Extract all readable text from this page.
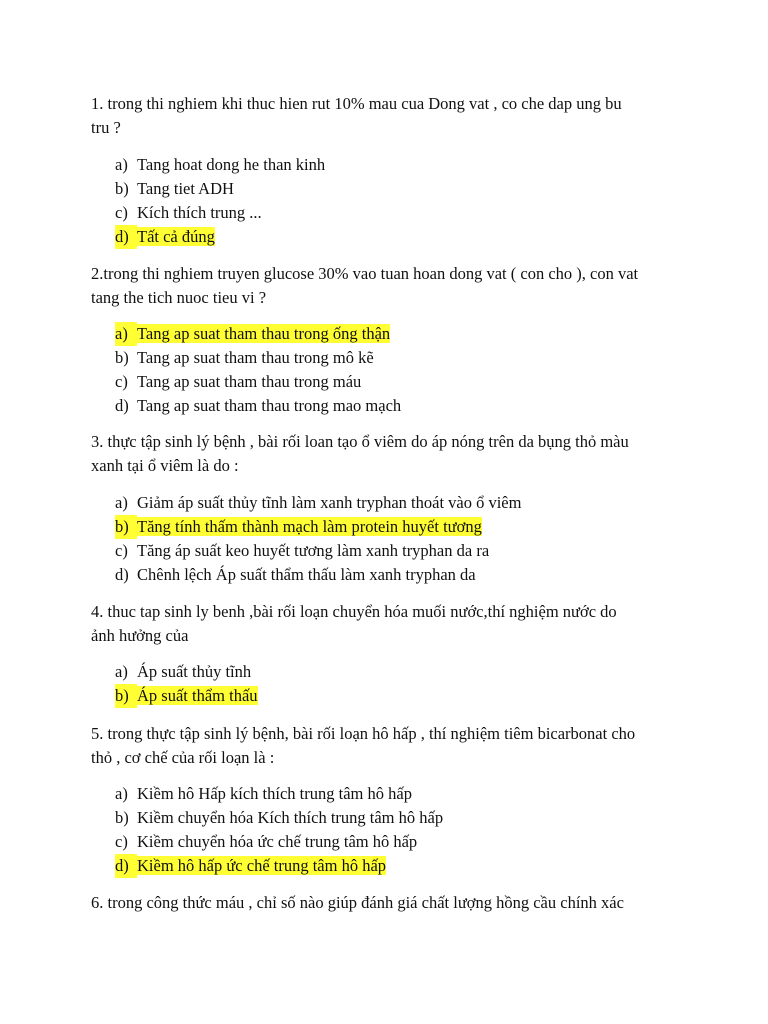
1. trong thi nghiem khi thuc hien rut 10% mau cua Dong vat , co che dap ung bu
tru ?
a) Tang hoat dong he than kinh
b) Tang tiet ADH
c) Kích thích trung ...
d) Tất cả đúng
2.trong thi nghiem truyen glucose 30% vao tuan hoan dong vat ( con cho ), con vat
tang the tich nuoc tieu vi ?
a) Tang ap suat tham thau trong ống thận
b) Tang ap suat tham thau trong mô kẽ
c) Tang ap suat tham thau trong máu
d) Tang ap suat tham thau trong mao mạch
3. thực tập sinh lý bệnh , bài rối loan tạo ổ viêm do áp nóng trên da bụng thỏ màu
xanh tại ổ viêm là do :
a) Giảm áp suất thủy tĩnh làm xanh tryphan thoát vào ổ viêm
b) Tăng tính thấm thành mạch làm protein huyết tương
c) Tăng áp suất keo huyết tương làm xanh tryphan da ra
d) Chênh lệch Áp suất thẩm thấu làm xanh tryphan da
4. thuc tap sinh ly benh ,bài rối loạn chuyển hóa muối nước,thí nghiệm nước do
ảnh hưởng của
a) Áp suất thủy tĩnh
b) Áp suất thẩm thấu
5. trong thực tập sinh lý bệnh, bài rối loạn hô hấp , thí nghiệm tiêm bicarbonat cho
thỏ , cơ chế của rối loạn là :
a) Kiềm hô Hấp kích thích trung tâm hô hấp
b) Kiềm chuyển hóa Kích thích trung tâm hô hấp
c) Kiềm chuyển hóa ức chế trung tâm hô hấp
d) Kiềm hô hấp ức chế trung tâm hô hấp
6. trong công thức máu , chỉ số nào giúp đánh giá chất lượng hồng cầu chính xác
